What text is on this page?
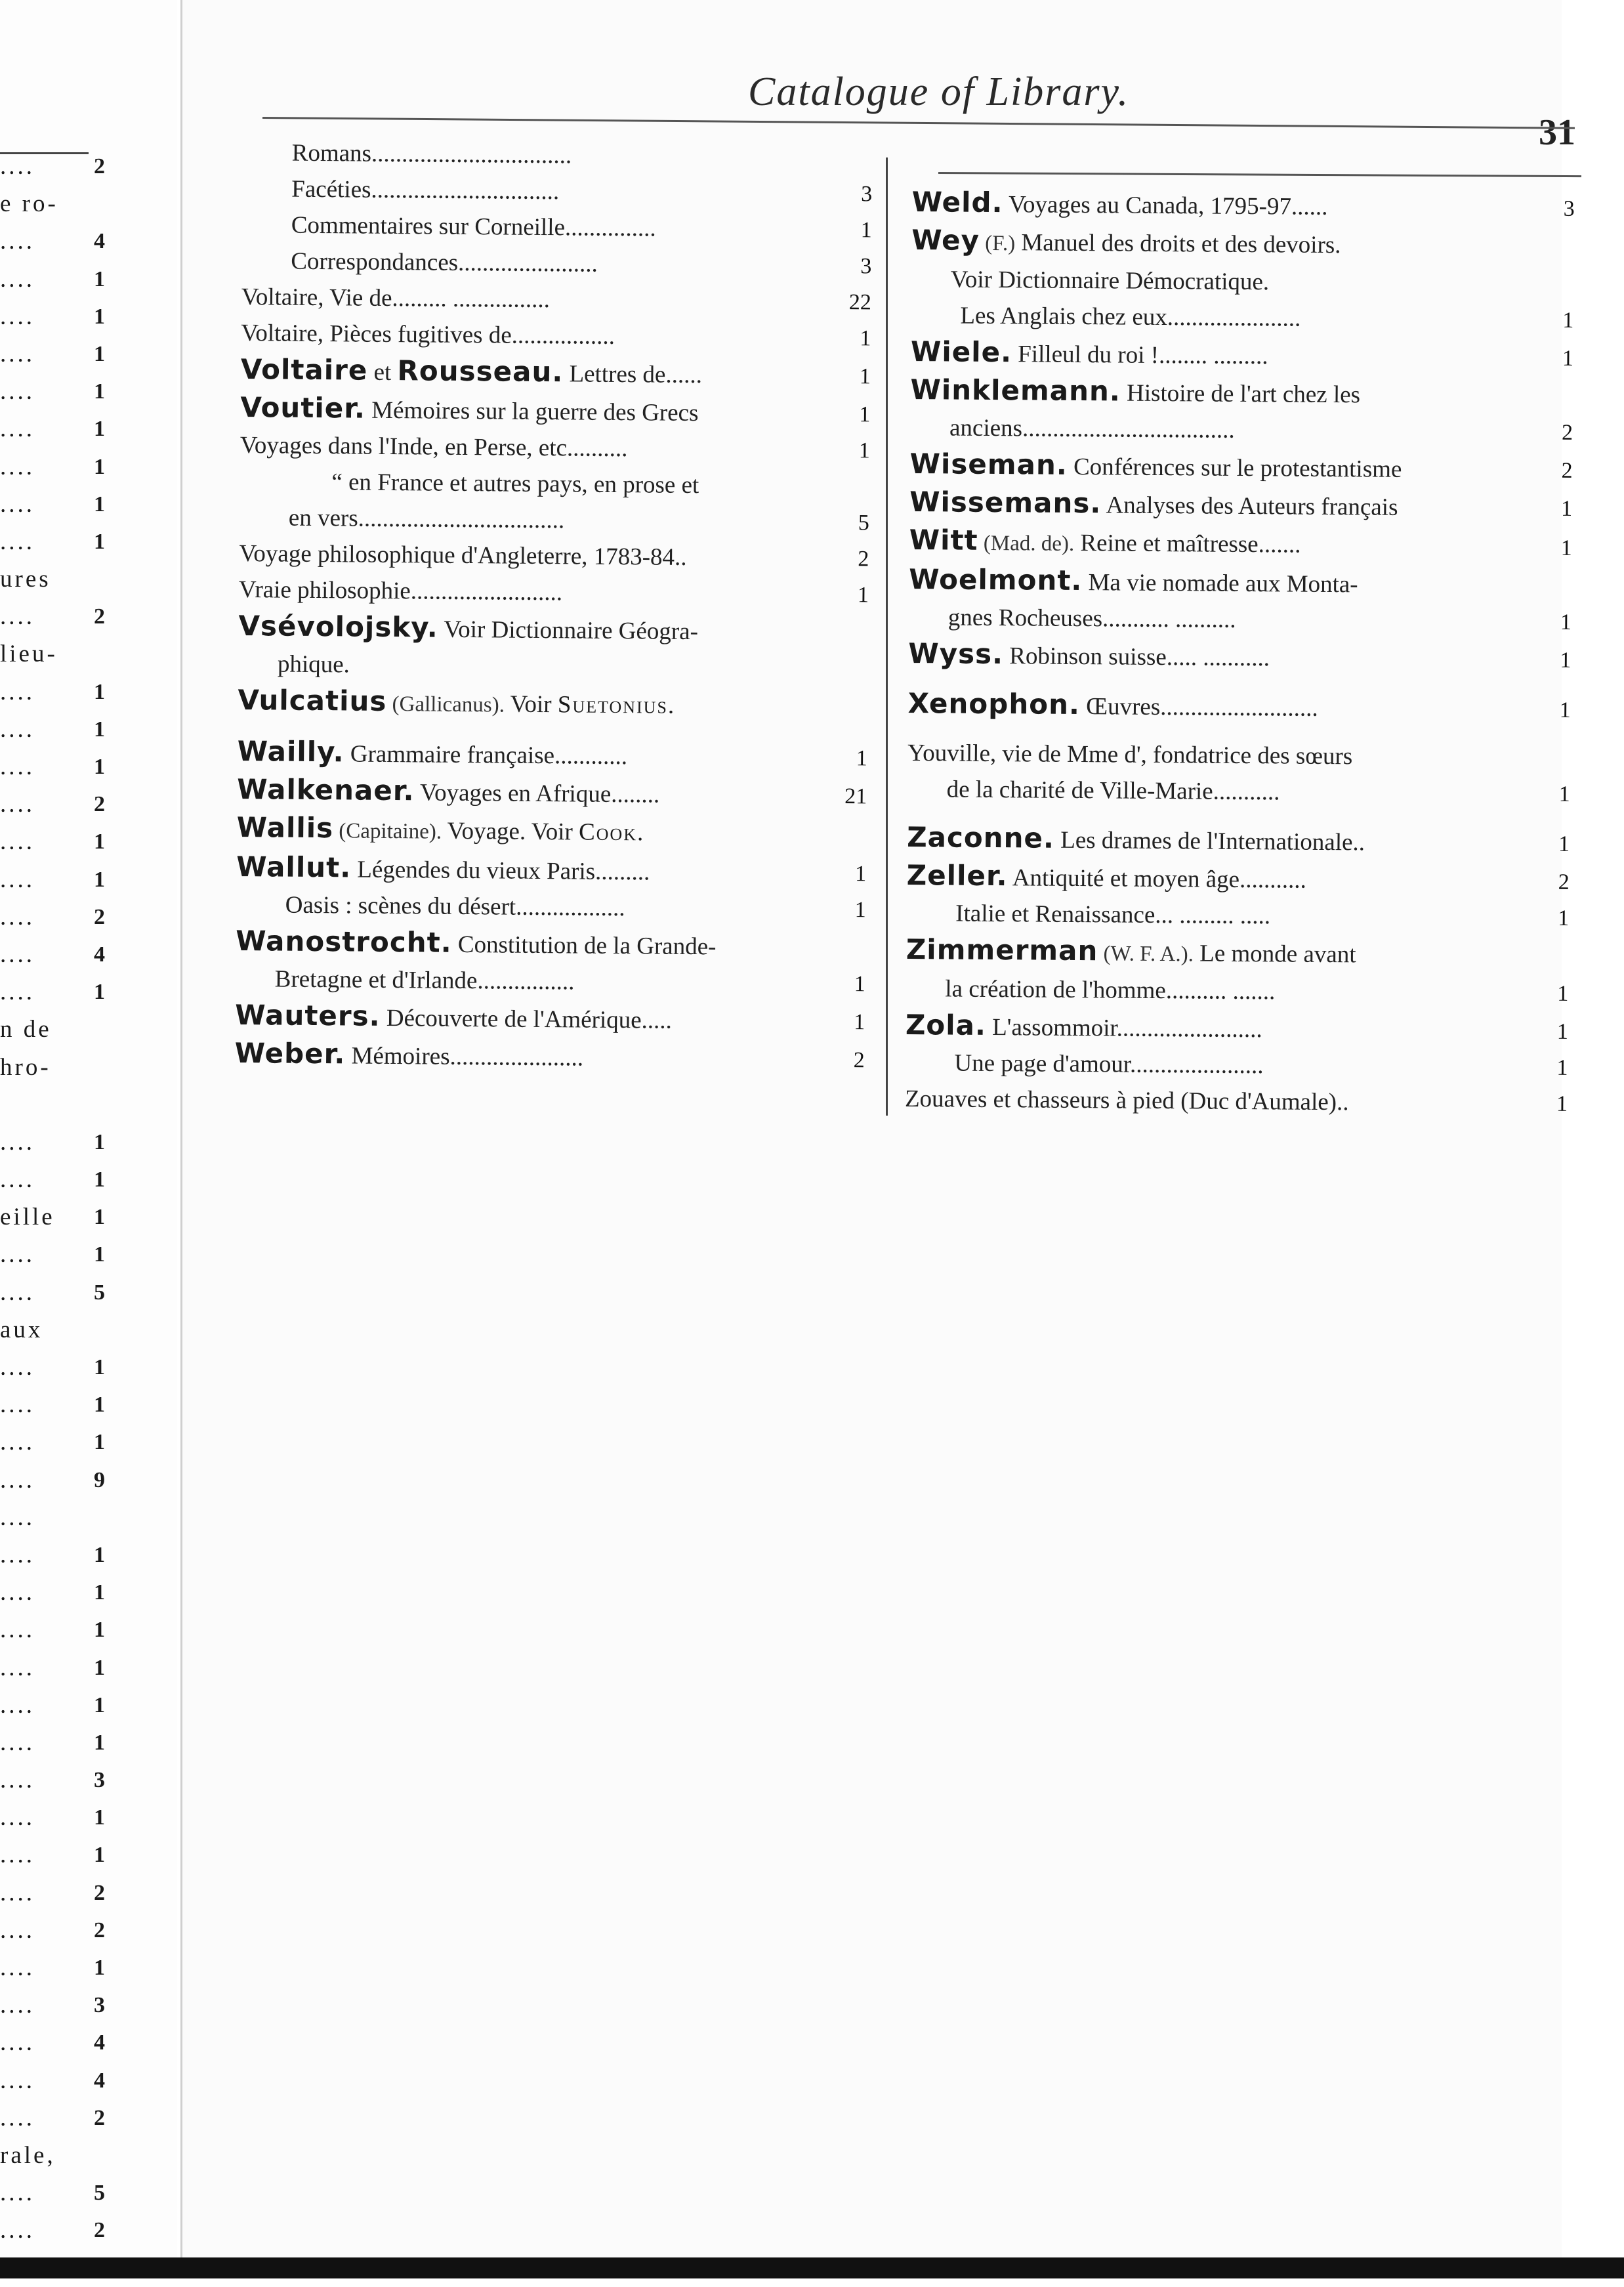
....	2
e ro-
....	4
....	1
....	1
....	1
....	1
....	1
....	1
....	1
....	1
ures
....	2
lieu-
....	1
....	1
....	1
....	2
....	1
....	1
....	2
....	4
....	1
n de
hro-
....	1
....	1
eille	1
....	1
....	5
aux
....	1
....	1
....	1
....	9
....
....	1
....	1
....	1
....	1
....	1
....	1
....	3
....	1
....	1
....	2
....	2
....	1
....	3
....	4
....	4
....	2
rale,
....	5
....	2
Catalogue of Library.
31
Romans.................................
Facéties...............................	3
Commentaires sur Corneille...............	1
Correspondances.......................	3
Voltaire, Vie de......... ................	22
Voltaire, Pièces fugitives de.................	1
Voltaire et Rousseau. Lettres de......	1
Voutier. Mémoires sur la guerre des Grecs	1
Voyages dans l'Inde, en Perse, etc..........	1
“ en France et autres pays, en prose et
en vers..................................	5
Voyage philosophique d'Angleterre, 1783-84..	2
Vraie philosophie.........................	1
Vsévolojsky. Voir Dictionnaire Géogra-
phique.
Vulcatius (Gallicanus). Voir Suetonius.
Wailly. Grammaire française............	1
Walkenaer. Voyages en Afrique........	21
Wallis (Capitaine). Voyage. Voir Cook.
Wallut. Légendes du vieux Paris.........	1
Oasis : scènes du désert..................	1
Wanostrocht. Constitution de la Grande-
Bretagne et d'Irlande................	1
Wauters. Découverte de l'Amérique.....	1
Weber. Mémoires......................	2
Weld. Voyages au Canada, 1795-97......	3
Wey (F.) Manuel des droits et des devoirs.
Voir Dictionnaire Démocratique.
Les Anglais chez eux......................	1
Wiele. Filleul du roi !........ .........	1
Winklemann. Histoire de l'art chez les
anciens...................................	2
Wiseman. Conférences sur le protestantisme	2
Wissemans. Analyses des Auteurs français	1
Witt (Mad. de). Reine et maîtresse.......	1
Woelmont. Ma vie nomade aux Monta-
gnes Rocheuses........... ..........	1
Wyss. Robinson suisse..... ...........	1
Xenophon. Œuvres..........................	1
Youville, vie de Mme d', fondatrice des sœurs
de la charité de Ville-Marie...........	1
Zaconne. Les drames de l'Internationale..	1
Zeller. Antiquité et moyen âge...........	2
Italie et Renaissance... ......... .....	1
Zimmerman (W. F. A.). Le monde avant
la création de l'homme.......... .......	1
Zola. L'assommoir........................	1
Une page d'amour......................	1
Zouaves et chasseurs à pied (Duc d'Aumale)..	1
